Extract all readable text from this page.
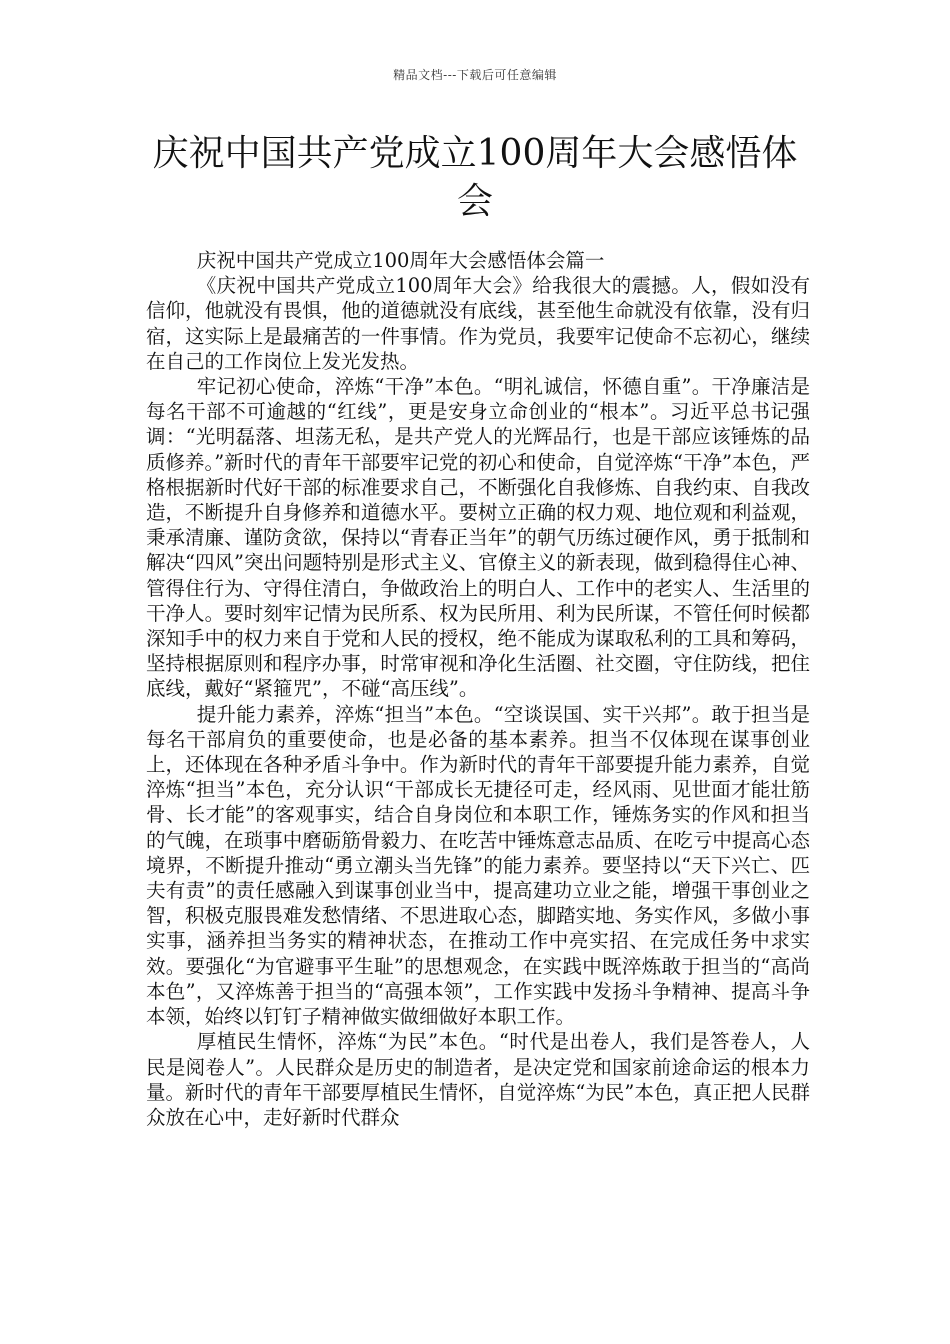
精品文档---下载后可任意编辑
庆祝中国共产党成立100周年大会感悟体
会

庆祝中国共产党成立100周年大会感悟体会篇一

《庆祝中国共产党成立100周年大会》给我很大的震撼。人，假如没有信仰，他就没有畏惧，他的道德就没有底线，甚至他生命就没有依靠，没有归宿，这实际上是最痛苦的一件事情。作为党员，我要牢记使命不忘初心，继续在自己的工作岗位上发光发热。

牢记初心使命，淬炼“干净”本色。“明礼诚信，怀德自重”。干净廉洁是每名干部不可逾越的“红线”，更是安身立命创业的“根本”。习近平总书记强调：“光明磊落、坦荡无私，是共产党人的光辉品行，也是干部应该锤炼的品质修养。”新时代的青年干部要牢记党的初心和使命，自觉淬炼“干净”本色，严格根据新时代好干部的标准要求自己，不断强化自我修炼、自我约束、自我改造，不断提升自身修养和道德水平。要树立正确的权力观、地位观和利益观，秉承清廉、谨防贪欲，保持以“青春正当年”的朝气历练过硬作风，勇于抵制和解决“四风”突出问题特别是形式主义、官僚主义的新表现，做到稳得住心神、管得住行为、守得住清白，争做政治上的明白人、工作中的老实人、生活里的干净人。要时刻牢记情为民所系、权为民所用、利为民所谋，不管任何时候都深知手中的权力来自于党和人民的授权，绝不能成为谋取私利的工具和筹码，坚持根据原则和程序办事，时常审视和净化生活圈、社交圈，守住防线，把住底线，戴好“紧箍咒”，不碰“高压线”。

提升能力素养，淬炼“担当”本色。“空谈误国、实干兴邦”。敢于担当是每名干部肩负的重要使命，也是必备的基本素养。担当不仅体现在谋事创业上，还体现在各种矛盾斗争中。作为新时代的青年干部要提升能力素养，自觉淬炼“担当”本色，充分认识“干部成长无捷径可走，经风雨、见世面才能壮筋骨、长才能”的客观事实，结合自身岗位和本职工作，锤炼务实的作风和担当的气魄，在琐事中磨砺筋骨毅力、在吃苦中锤炼意志品质、在吃亏中提高心态境界，不断提升推动“勇立潮头当先锋”的能力素养。要坚持以“天下兴亡、匹夫有责”的责任感融入到谋事创业当中，提高建功立业之能，增强干事创业之智，积极克服畏难发愁情绪、不思进取心态，脚踏实地、务实作风，多做小事实事，涵养担当务实的精神状态，在推动工作中亮实招、在完成任务中求实效。要强化“为官避事平生耻”的思想观念，在实践中既淬炼敢于担当的“高尚本色”，又淬炼善于担当的“高强本领”，工作实践中发扬斗争精神、提高斗争本领，始终以钉钉子精神做实做细做好本职工作。

厚植民生情怀，淬炼“为民”本色。“时代是出卷人，我们是答卷人，人民是阅卷人”。人民群众是历史的制造者，是决定党和国家前途命运的根本力量。新时代的青年干部要厚植民生情怀，自觉淬炼“为民”本色，真正把人民群众放在心中，走好新时代群众
